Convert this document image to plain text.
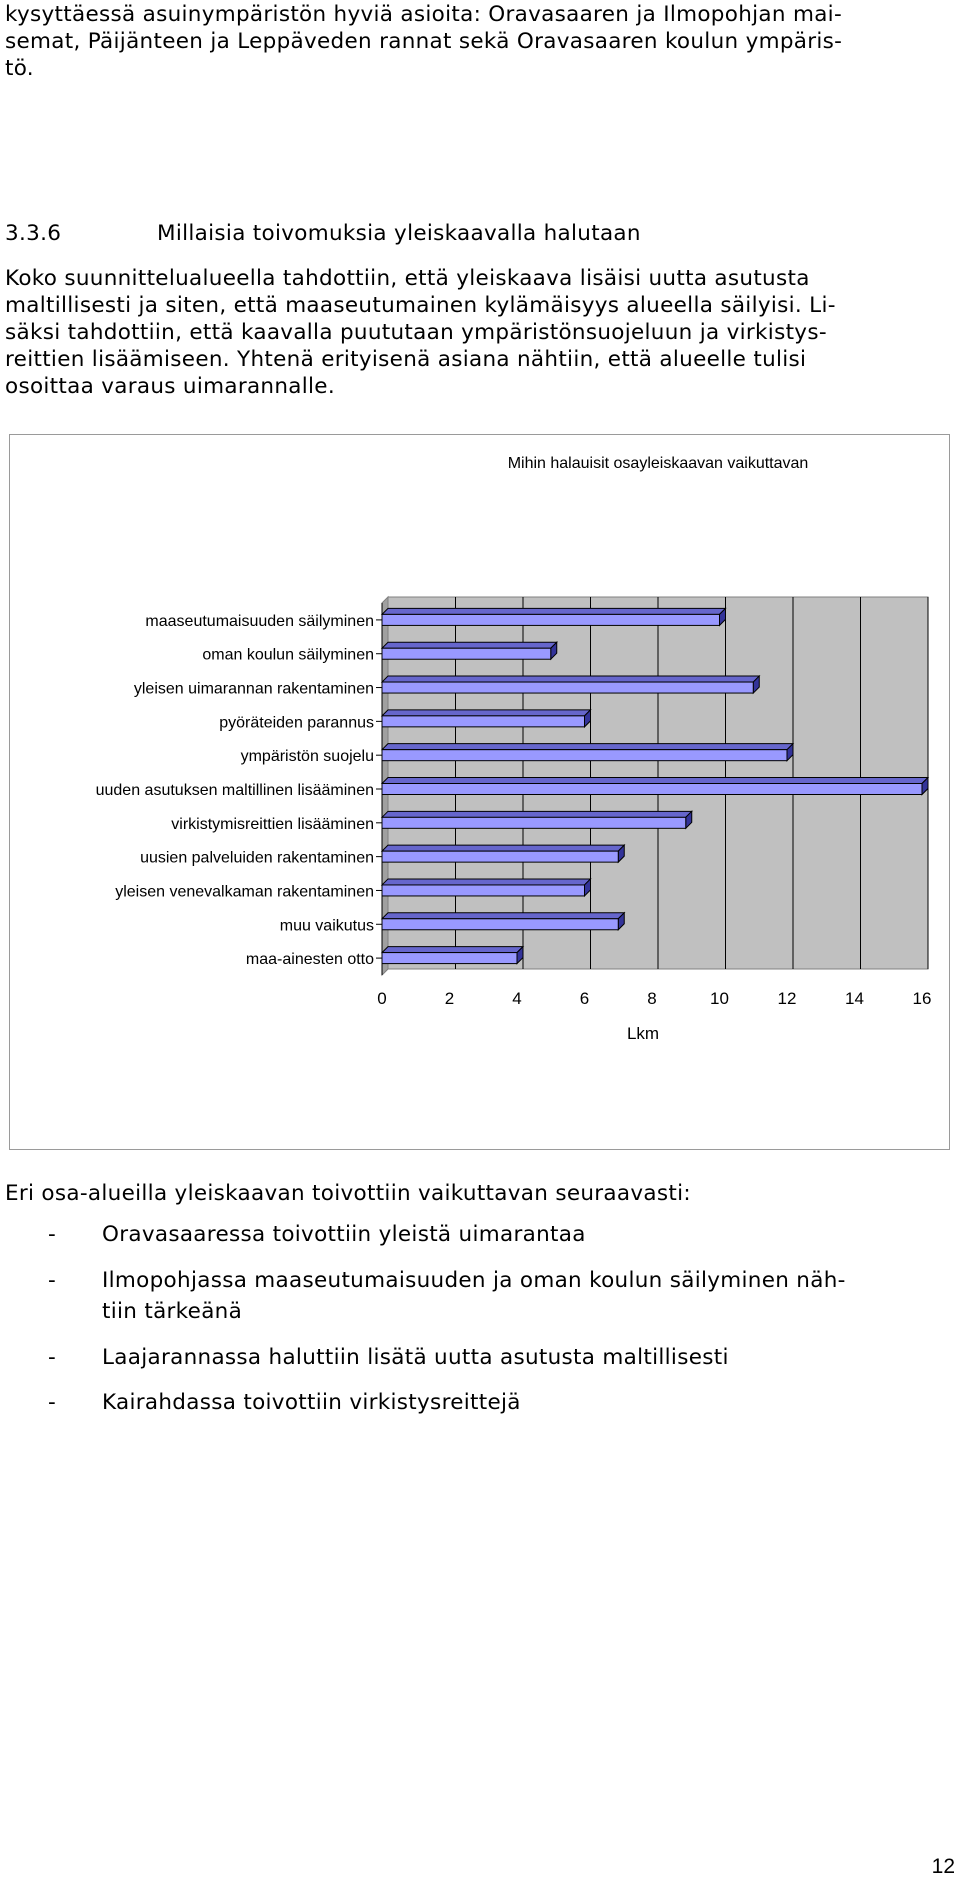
kysyttäessä asuinympäristön hyviä asioita: Oravasaaren ja Ilmopohjan mai-

semat, Päijänteen ja Leppäveden rannat sekä Oravasaaren koulun ympäris-

tö.

3.3.6	Millaisia toivomuksia yleiskaavalla halutaan

Koko suunnittelualueella tahdottiin, että yleiskaava lisäisi uutta asutusta

maltillisesti ja siten, että maaseutumainen kylämäisyys alueella säilyisi. Li-

säksi tahdottiin, että kaavalla puututaan ympäristönsuojeluun ja virkistys-

reittien lisäämiseen. Yhtenä erityisenä asiana nähtiin, että alueelle tulisi

osoittaa varaus uimarannalle.

Mihin halauisit osayleiskaavan vaikuttavan
Lkm
maaseutumaisuuden säilyminen
oman koulun säilyminen
yleisen uimarannan rakentaminen
pyöräteiden parannus
ympäristön suojelu
uuden asutuksen maltillinen lisääminen
virkistymisreittien lisääminen
uusien palveluiden rakentaminen
yleisen venevalkaman rakentaminen
muu vaikutus
maa-ainesten otto
0	2	4	6	8	10	12	14	16

Eri osa-alueilla yleiskaavan toivottiin vaikuttavan seuraavasti:

- Oravasaaressa toivottiin yleistä uimarantaa
- Ilmopohjassa maaseutumaisuuden ja oman koulun säilyminen näh-
tiin tärkeänä
- Laajarannassa haluttiin lisätä uutta asutusta maltillisesti
- Kairahdassa toivottiin virkistysreittejä
12
